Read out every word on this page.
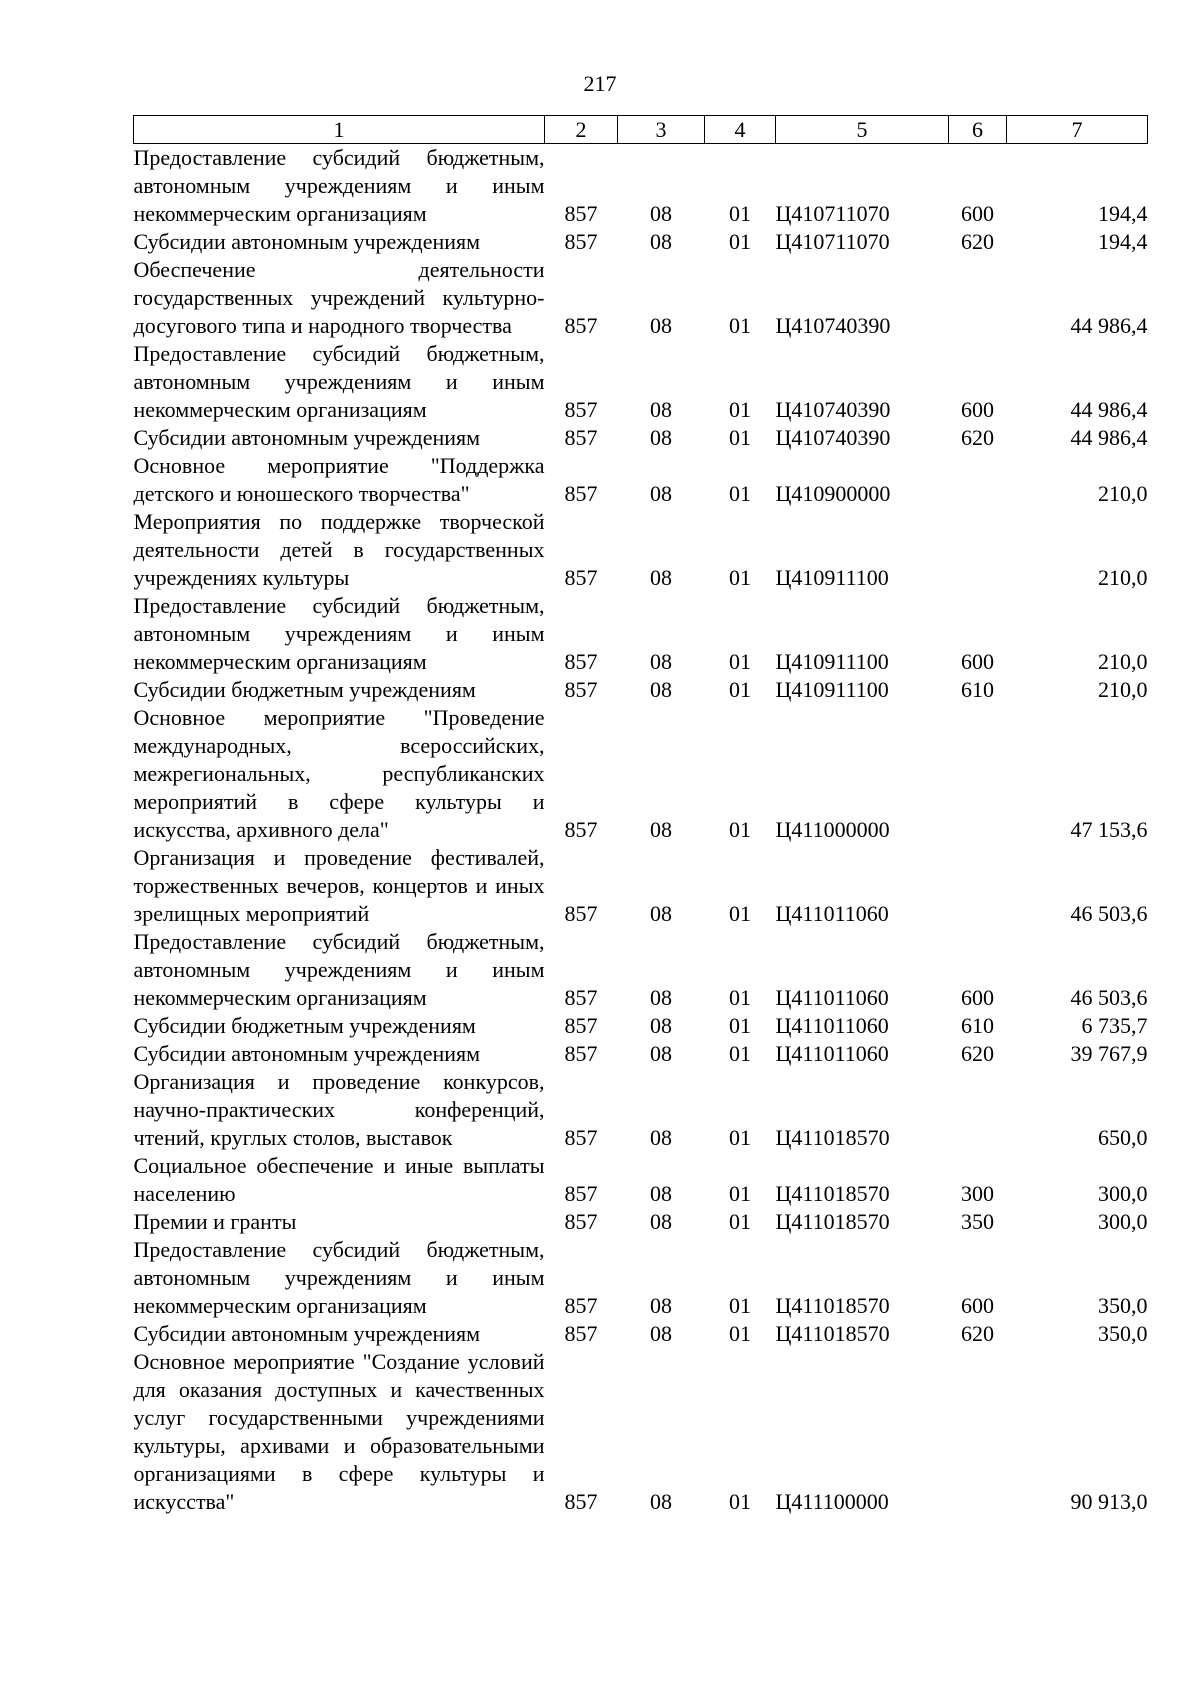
217
1	2	3	4	5	6	7
Предоставление субсидий бюджетным, автономным учреждениям и иным некоммерческим организациям	857	08	01	Ц410711070	600	194,4
Субсидии автономным учреждениям	857	08	01	Ц410711070	620	194,4
Обеспечение деятельности государственных учреждений культурно-досугового типа и народного творчества	857	08	01	Ц410740390		44 986,4
Предоставление субсидий бюджетным, автономным учреждениям и иным некоммерческим организациям	857	08	01	Ц410740390	600	44 986,4
Субсидии автономным учреждениям	857	08	01	Ц410740390	620	44 986,4
Основное мероприятие "Поддержка детского и юношеского творчества"	857	08	01	Ц410900000		210,0
Мероприятия по поддержке творческой деятельности детей в государственных учреждениях культуры	857	08	01	Ц410911100		210,0
Предоставление субсидий бюджетным, автономным учреждениям и иным некоммерческим организациям	857	08	01	Ц410911100	600	210,0
Субсидии бюджетным учреждениям	857	08	01	Ц410911100	610	210,0
Основное мероприятие "Проведение международных, всероссийских, межрегиональных, республиканских мероприятий в сфере культуры и искусства, архивного дела"	857	08	01	Ц411000000		47 153,6
Организация и проведение фестивалей, торжественных вечеров, концертов и иных зрелищных мероприятий	857	08	01	Ц411011060		46 503,6
Предоставление субсидий бюджетным, автономным учреждениям и иным некоммерческим организациям	857	08	01	Ц411011060	600	46 503,6
Субсидии бюджетным учреждениям	857	08	01	Ц411011060	610	6 735,7
Субсидии автономным учреждениям	857	08	01	Ц411011060	620	39 767,9
Организация и проведение конкурсов, научно-практических конференций, чтений, круглых столов, выставок	857	08	01	Ц411018570		650,0
Социальное обеспечение и иные выплаты населению	857	08	01	Ц411018570	300	300,0
Премии и гранты	857	08	01	Ц411018570	350	300,0
Предоставление субсидий бюджетным, автономным учреждениям и иным некоммерческим организациям	857	08	01	Ц411018570	600	350,0
Субсидии автономным учреждениям	857	08	01	Ц411018570	620	350,0
Основное мероприятие "Создание условий для оказания доступных и качественных услуг государственными учреждениями культуры, архивами и образовательными организациями в сфере культуры и искусства"	857	08	01	Ц411100000		90 913,0
